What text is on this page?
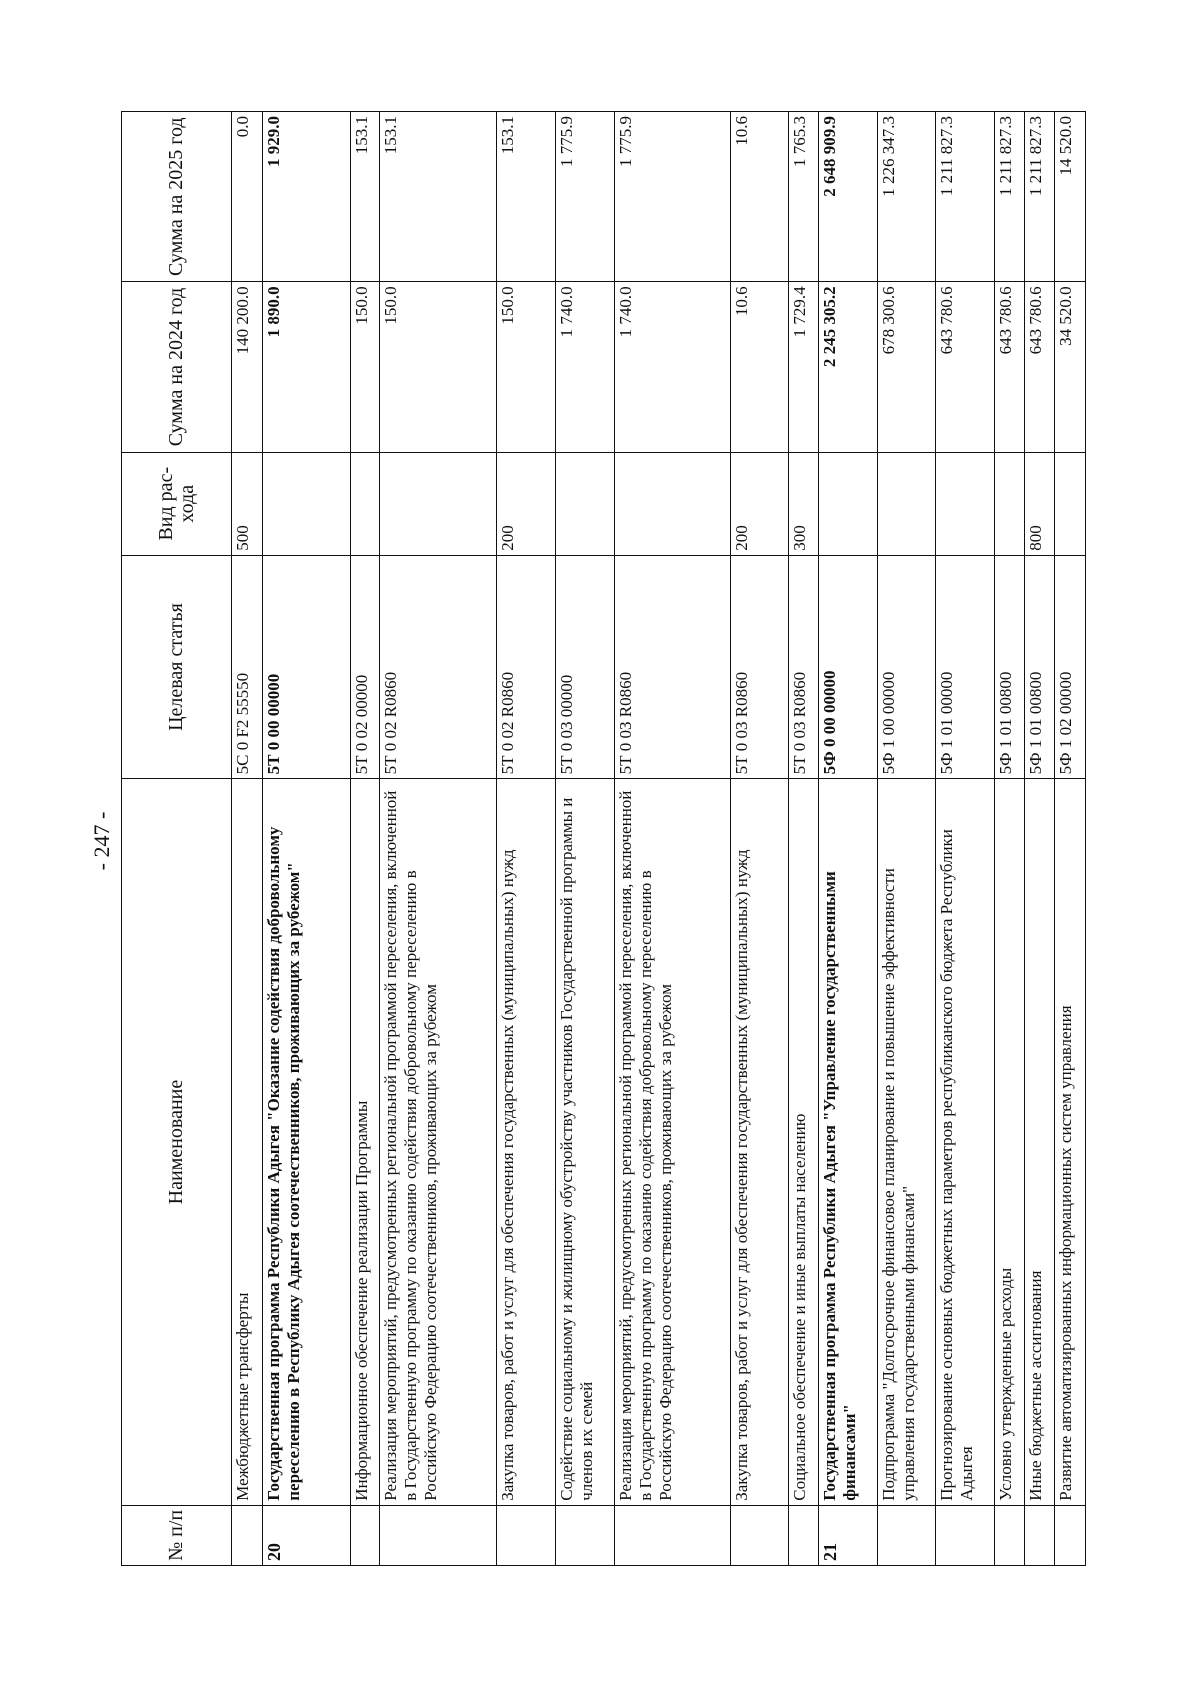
- 247 -
№ п/п	Наименование	Целевая статья	Вид рас- хода	Сумма на 2024 год	Сумма на 2025 год
	Межбюджетные трансферты	5С 0 F2 55550	500	140 200.0	0.0
20	Государственная программа Республики Адыгея "Оказание содействия добровольному переселению в Республику Адыгея соотечественников, проживающих за рубежом"	5Т 0 00 00000		1 890.0	1 929.0
	Информационное обеспечение реализации Программы	5Т 0 02 00000		150.0	153.1
	Реализация мероприятий, предусмотренных региональной программой переселения, включенной в Государственную программу по оказанию содействия добровольному переселению в Российскую Федерацию соотечественников, проживающих за рубежом	5Т 0 02 R0860		150.0	153.1
	Закупка товаров, работ и услуг для обеспечения государственных (муниципальных) нужд	5Т 0 02 R0860	200	150.0	153.1
	Содействие социальному и жилищному обустройству участников Государственной программы и членов их семей	5Т 0 03 00000		1 740.0	1 775.9
	Реализация мероприятий, предусмотренных региональной программой переселения, включенной в Государственную программу по оказанию содействия добровольному переселению в Российскую Федерацию соотечественников, проживающих за рубежом	5Т 0 03 R0860		1 740.0	1 775.9
	Закупка товаров, работ и услуг для обеспечения государственных (муниципальных) нужд	5Т 0 03 R0860	200	10.6	10.6
	Социальное обеспечение и иные выплаты населению	5Т 0 03 R0860	300	1 729.4	1 765.3
21	Государственная программа Республики Адыгея "Управление государственными финансами"	5Ф 0 00 00000		2 245 305.2	2 648 909.9
	Подпрограмма "Долгосрочное финансовое планирование и повышение эффективности управления государственными финансами"	5Ф 1 00 00000		678 300.6	1 226 347.3
	Прогнозирование основных бюджетных параметров республиканского бюджета Республики Адыгея	5Ф 1 01 00000		643 780.6	1 211 827.3
	Условно утвержденные расходы	5Ф 1 01 00800		643 780.6	1 211 827.3
	Иные бюджетные ассигнования	5Ф 1 01 00800	800	643 780.6	1 211 827.3
	Развитие автоматизированных информационных систем управления	5Ф 1 02 00000		34 520.0	14 520.0
